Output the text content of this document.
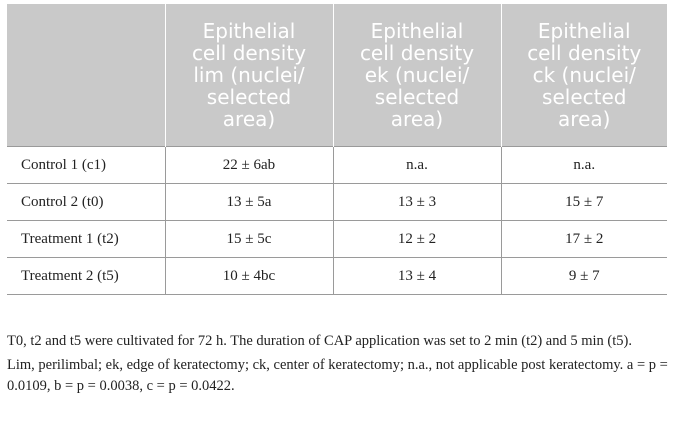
	Epithelial
cell density
lim (nuclei/
selected
area)	Epithelial
cell density
ek (nuclei/
selected
area)	Epithelial
cell density
ck (nuclei/
selected
area)

Control 1 (c1)	22 ± 6ab	n.a.	n.a.
Control 2 (t0)	13 ± 5a	13 ± 3	15 ± 7
Treatment 1 (t2)	15 ± 5c	12 ± 2	17 ± 2
Treatment 2 (t5)	10 ± 4bc	13 ± 4	9 ± 7

T0, t2 and t5 were cultivated for 72 h. The duration of CAP application was set to 2 min (t2) and 5 min (t5).

Lim, perilimbal; ek, edge of keratectomy; ck, center of keratectomy; n.a., not applicable post keratectomy. a = p = 0.0109, b = p = 0.0038, c = p = 0.0422.
